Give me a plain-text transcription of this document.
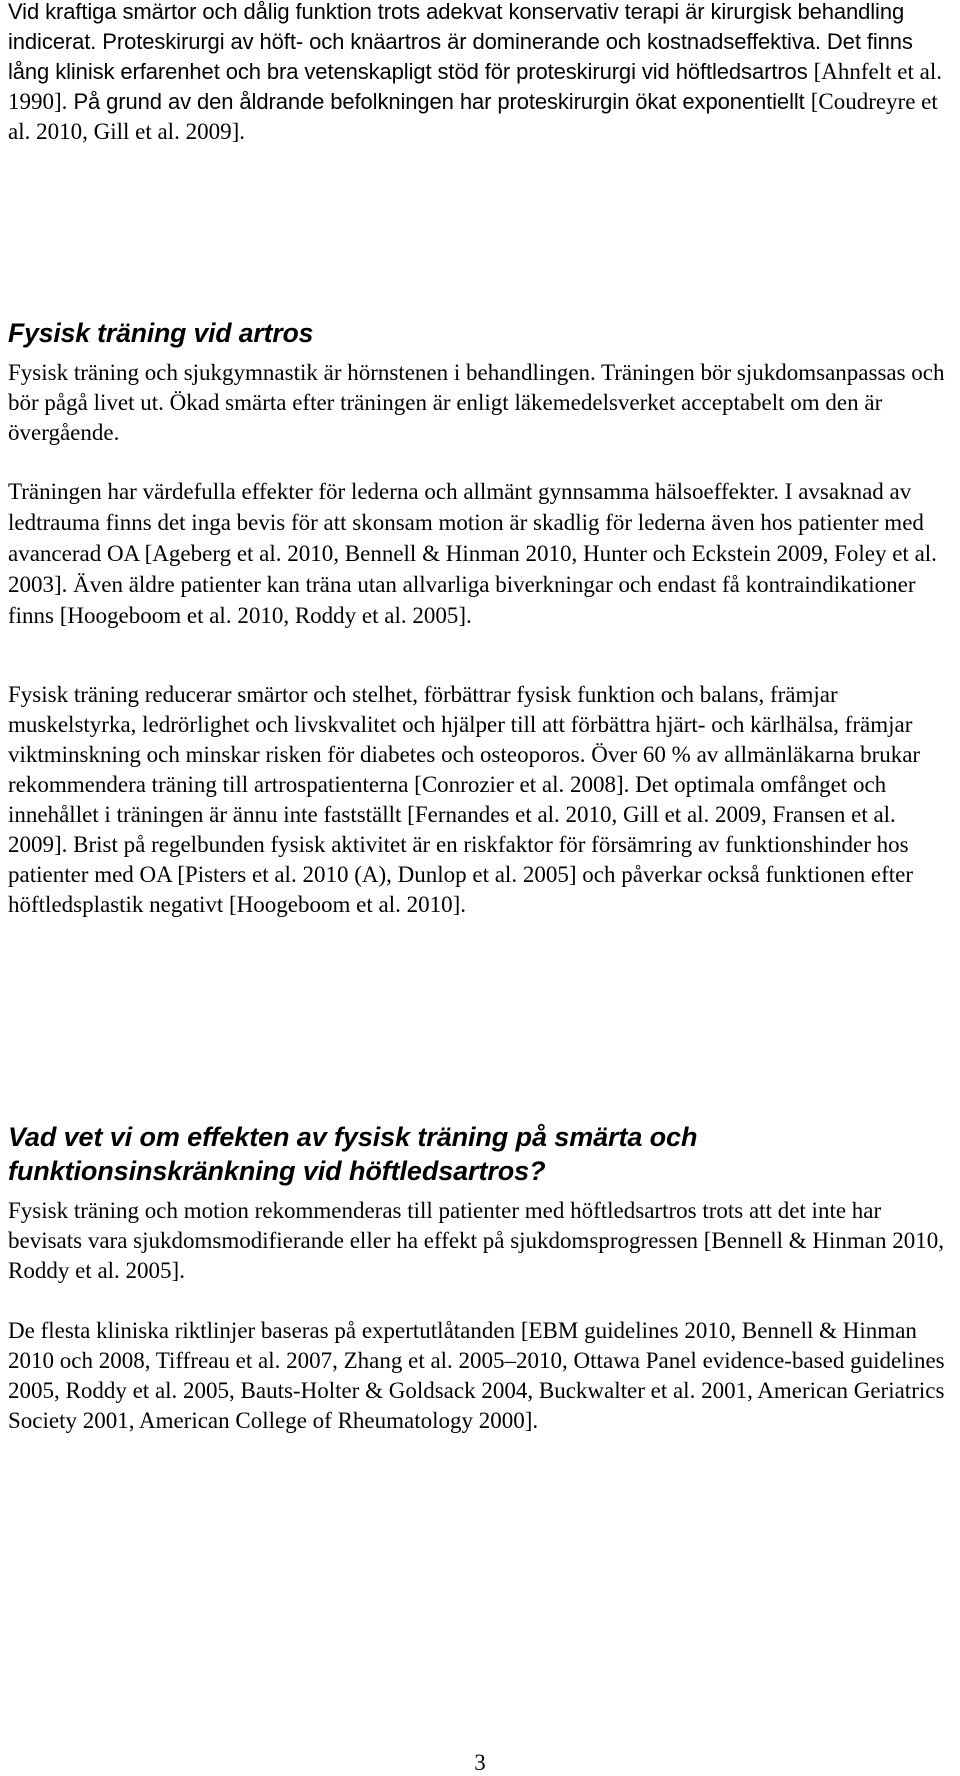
Vid kraftiga smärtor och dålig funktion trots adekvat konservativ terapi är kirurgisk behandling indicerat. Proteskirurgi av höft- och knäartros är dominerande och kostnadseffektiva. Det finns lång klinisk erfarenhet och bra vetenskapligt stöd för proteskirurgi vid höftledsartros [Ahnfelt et al. 1990]. På grund av den åldrande befolkningen har proteskirurgin ökat exponentiellt [Coudreyre et al. 2010, Gill et al. 2009].
Fysisk träning vid artros
Fysisk träning och sjukgymnastik är hörnstenen i behandlingen. Träningen bör sjukdomsanpassas och bör pågå livet ut. Ökad smärta efter träningen är enligt läkemedelsverket acceptabelt om den är övergående.
Träningen har värdefulla effekter för lederna och allmänt gynnsamma hälsoeffekter. I avsaknad av ledtrauma finns det inga bevis för att skonsam motion är skadlig för lederna även hos patienter med avancerad OA [Ageberg et al. 2010, Bennell & Hinman 2010, Hunter och Eckstein 2009, Foley et al. 2003]. Även äldre patienter kan träna utan allvarliga biverkningar och endast få kontraindikationer finns [Hoogeboom et al. 2010, Roddy et al. 2005].
Fysisk träning reducerar smärtor och stelhet, förbättrar fysisk funktion och balans, främjar muskelstyrka, ledrörlighet och livskvalitet och hjälper till att förbättra hjärt- och kärlhälsa, främjar viktminskning och minskar risken för diabetes och osteoporos. Över 60 % av allmänläkarna brukar rekommendera träning till artrospatienterna [Conrozier et al. 2008]. Det optimala omfånget och innehållet i träningen är ännu inte fastställt [Fernandes et al. 2010, Gill et al. 2009, Fransen et al. 2009]. Brist på regelbunden fysisk aktivitet är en riskfaktor för försämring av funktionshinder hos patienter med OA [Pisters et al. 2010 (A), Dunlop et al. 2005] och påverkar också funktionen efter höftledsplastik negativt [Hoogeboom et al. 2010].
Vad vet vi om effekten av fysisk träning på smärta och funktionsinskränkning vid höftledsartros?
Fysisk träning och motion rekommenderas till patienter med höftledsartros trots att det inte har bevisats vara sjukdomsmodifierande eller ha effekt på sjukdomsprogressen [Bennell & Hinman 2010, Roddy et al. 2005].
De flesta kliniska riktlinjer baseras på expertutlåtanden [EBM guidelines 2010, Bennell & Hinman 2010 och 2008, Tiffreau et al. 2007, Zhang et al. 2005–2010, Ottawa Panel evidence-based guidelines 2005, Roddy et al. 2005, Bauts-Holter & Goldsack 2004, Buckwalter et al. 2001, American Geriatrics Society 2001, American College of Rheumatology 2000].
3
